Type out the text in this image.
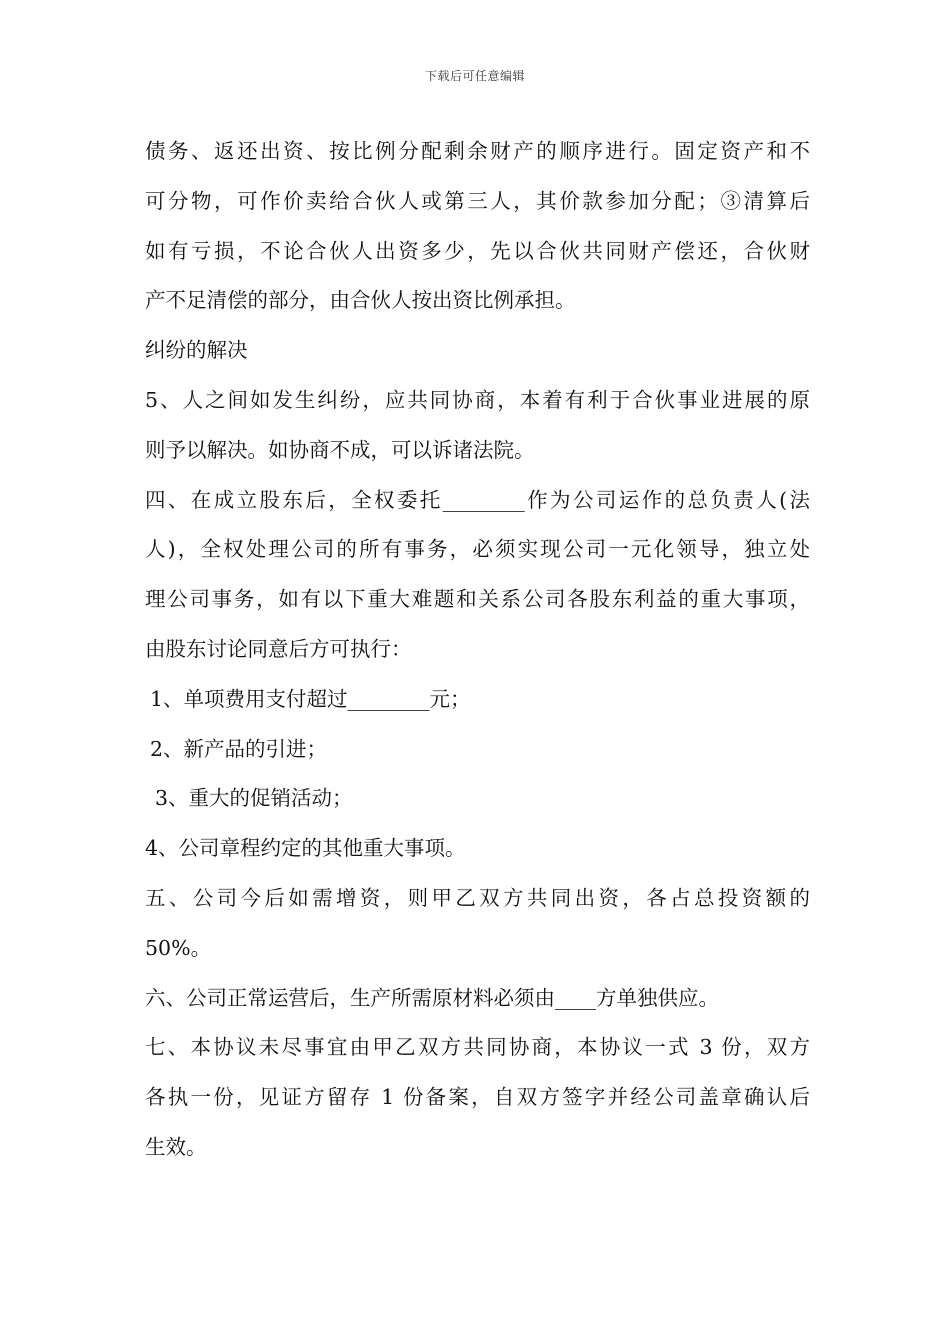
下载后可任意编辑
债务、返还出资、按比例分配剩余财产的顺序进行。固定资产和不
可分物，可作价卖给合伙人或第三人，其价款参加分配；③清算后
如有亏损，不论合伙人出资多少，先以合伙共同财产偿还，合伙财
产不足清偿的部分，由合伙人按出资比例承担。
纠纷的解决
5、人之间如发生纠纷，应共同协商，本着有利于合伙事业进展的原
则予以解决。如协商不成，可以诉诸法院。
四、在成立股东后，全权委托________作为公司运作的总负责人(法
人)，全权处理公司的所有事务，必须实现公司一元化领导，独立处
理公司事务，如有以下重大难题和关系公司各股东利益的重大事项，
由股东讨论同意后方可执行：
1、单项费用支付超过________元；
2、新产品的引进；
3、重大的促销活动；
4、公司章程约定的其他重大事项。
五、公司今后如需增资，则甲乙双方共同出资，各占总投资额的
50%。
六、公司正常运营后，生产所需原材料必须由____方单独供应。
七、本协议未尽事宜由甲乙双方共同协商，本协议一式 3 份，双方
各执一份，见证方留存 1 份备案，自双方签字并经公司盖章确认后
生效。
